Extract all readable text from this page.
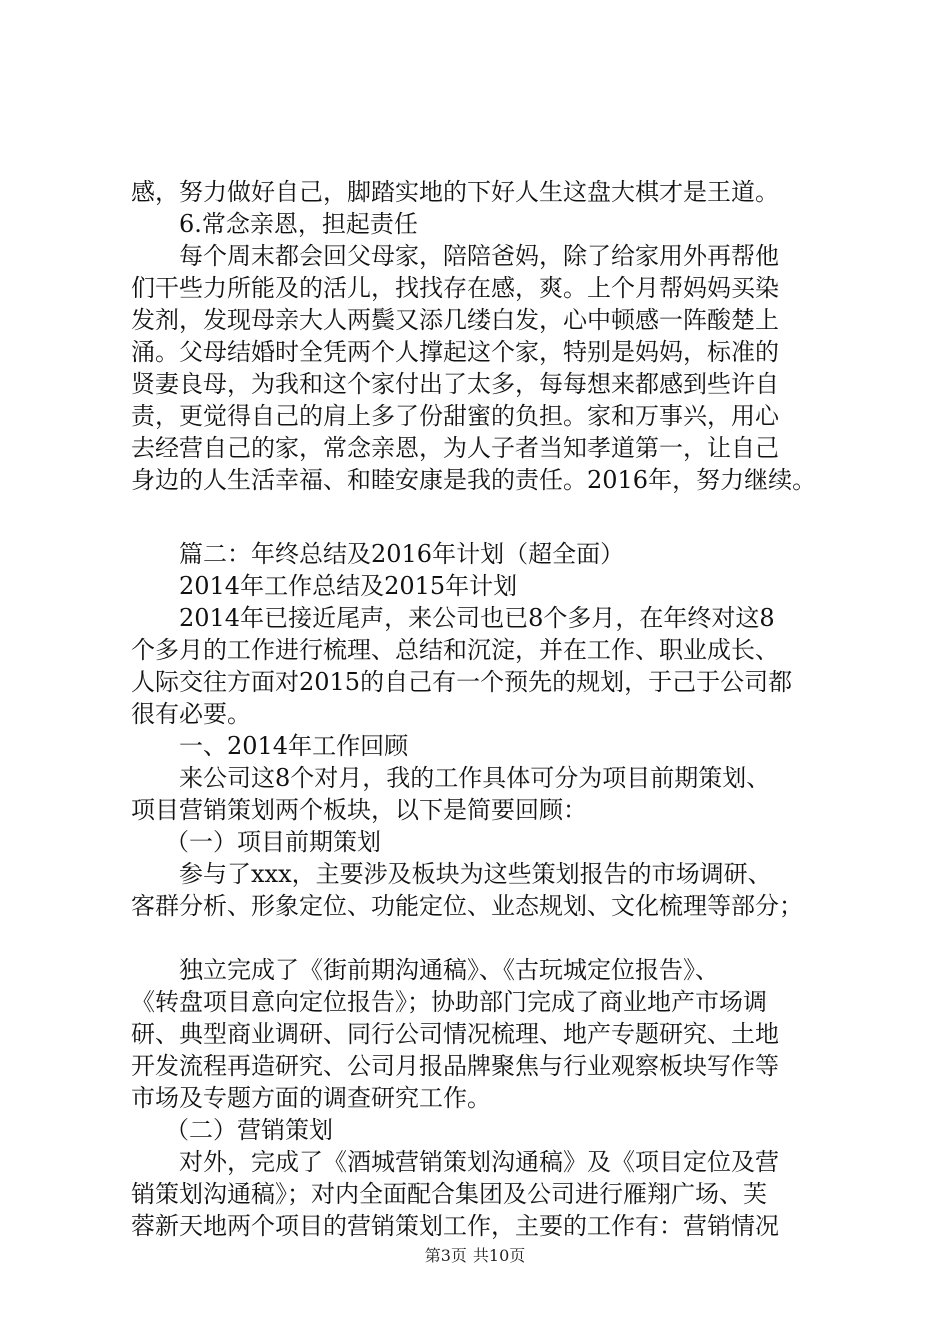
感，努力做好自己，脚踏实地的下好人生这盘大棋才是王道。
6.常念亲恩，担起责任
每个周末都会回父母家，陪陪爸妈，除了给家用外再帮他
们干些力所能及的活儿，找找存在感，爽。上个月帮妈妈买染
发剂，发现母亲大人两鬓又添几缕白发，心中顿感一阵酸楚上
涌。父母结婚时全凭两个人撑起这个家，特别是妈妈，标准的
贤妻良母，为我和这个家付出了太多，每每想来都感到些许自
责，更觉得自己的肩上多了份甜蜜的负担。家和万事兴，用心
去经营自己的家，常念亲恩，为人子者当知孝道第一，让自己
身边的人生活幸福、和睦安康是我的责任。2016年，努力继续。
篇二：年终总结及2016年计划（超全面）
2014年工作总结及2015年计划
2014年已接近尾声，来公司也已8个多月，在年终对这8
个多月的工作进行梳理、总结和沉淀，并在工作、职业成长、
人际交往方面对2015的自己有一个预先的规划，于己于公司都
很有必要。
一、2014年工作回顾
来公司这8个对月，我的工作具体可分为项目前期策划、
项目营销策划两个板块，以下是简要回顾：
（一）项目前期策划
参与了xxx，主要涉及板块为这些策划报告的市场调研、
客群分析、形象定位、功能定位、业态规划、文化梳理等部分；
独立完成了《街前期沟通稿》、《古玩城定位报告》、
《转盘项目意向定位报告》；协助部门完成了商业地产市场调
研、典型商业调研、同行公司情况梳理、地产专题研究、土地
开发流程再造研究、公司月报品牌聚焦与行业观察板块写作等
市场及专题方面的调查研究工作。
（二）营销策划
对外，完成了《酒城营销策划沟通稿》及《项目定位及营
销策划沟通稿》；对内全面配合集团及公司进行雁翔广场、芙
蓉新天地两个项目的营销策划工作，主要的工作有：营销情况
第3页 共10页
